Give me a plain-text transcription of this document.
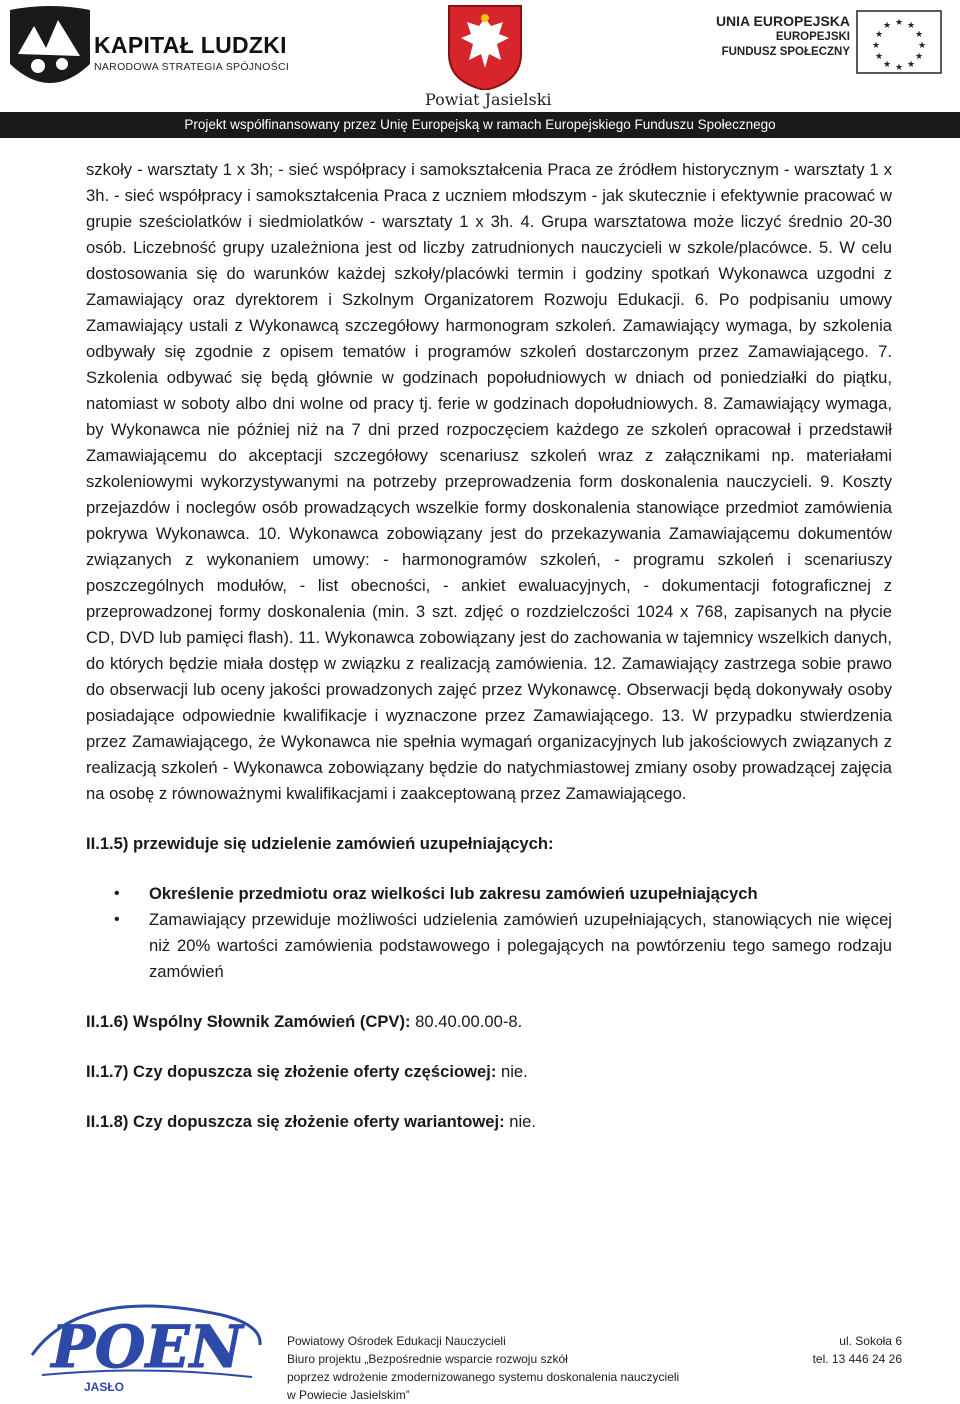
KAPITAŁ LUDZKI
NARODOWA STRATEGIA SPÓJNOŚCI
Powiat Jasielski
UNIA EUROPEJSKA
EUROPEJSKI
FUNDUSZ SPOŁECZNY
★ ★
★
★
★
★
★
★
★
★
★
★
Projekt współfinansowany przez Unię Europejską w ramach Europejskiego Funduszu Społecznego

szkoły - warsztaty 1 x 3h; - sieć współpracy i samokształcenia Praca ze źródłem historycznym - warsztaty 1 x 3h. - sieć współpracy i samokształcenia Praca z uczniem młodszym - jak skutecznie i efektywnie pracować w grupie sześciolatków i siedmiolatków - warsztaty 1 x 3h. 4. Grupa warsztatowa może liczyć średnio 20-30 osób. Liczebność grupy uzależniona jest od liczby zatrudnionych nauczycieli w szkole/placówce. 5. W celu dostosowania się do warunków każdej szkoły/placówki termin i godziny spotkań Wykonawca uzgodni z Zamawiający oraz dyrektorem i Szkolnym Organizatorem Rozwoju Edukacji. 6. Po podpisaniu umowy Zamawiający ustali z Wykonawcą szczegółowy harmonogram szkoleń. Zamawiający wymaga, by szkolenia odbywały się zgodnie z opisem tematów i programów szkoleń dostarczonym przez Zamawiającego. 7. Szkolenia odbywać się będą głównie w godzinach popołudniowych w dniach od poniedziałki do piątku, natomiast w soboty albo dni wolne od pracy tj. ferie w godzinach dopołudniowych. 8. Zamawiający wymaga, by Wykonawca nie później niż na 7 dni przed rozpoczęciem każdego ze szkoleń opracował i przedstawił Zamawiającemu do akceptacji szczegółowy scenariusz szkoleń wraz z załącznikami np. materiałami szkoleniowymi wykorzystywanymi na potrzeby przeprowadzenia form doskonalenia nauczycieli. 9. Koszty przejazdów i noclegów osób prowadzących wszelkie formy doskonalenia stanowiące przedmiot zamówienia pokrywa Wykonawca. 10. Wykonawca zobowiązany jest do przekazywania Zamawiającemu dokumentów związanych z wykonaniem umowy: - harmonogramów szkoleń, - programu szkoleń i scenariuszy poszczególnych modułów, - list obecności, - ankiet ewaluacyjnych, - dokumentacji fotograficznej z przeprowadzonej formy doskonalenia (min. 3 szt. zdjęć o rozdzielczości 1024 x 768, zapisanych na płycie CD, DVD lub pamięci flash). 11. Wykonawca zobowiązany jest do zachowania w tajemnicy wszelkich danych, do których będzie miała dostęp w związku z realizacją zamówienia. 12. Zamawiający zastrzega sobie prawo do obserwacji lub oceny jakości prowadzonych zajęć przez Wykonawcę. Obserwacji będą dokonywały osoby posiadające odpowiednie kwalifikacje i wyznaczone przez Zamawiającego. 13. W przypadku stwierdzenia przez Zamawiającego, że Wykonawca nie spełnia wymagań organizacyjnych lub jakościowych związanych z realizacją szkoleń - Wykonawca zobowiązany będzie do natychmiastowej zmiany osoby prowadzącej zajęcia na osobę z równoważnymi kwalifikacjami i zaakceptowaną przez Zamawiającego.

II.1.5) przewiduje się udzielenie zamówień uzupełniających:
• Określenie przedmiotu oraz wielkości lub zakresu zamówień uzupełniających
• Zamawiający przewiduje możliwości udzielenia zamówień uzupełniających, stanowiących nie więcej niż 20% wartości zamówienia podstawowego i polegających na powtórzeniu tego samego rodzaju zamówień
II.1.6) Wspólny Słownik Zamówień (CPV): 80.40.00.00-8.
II.1.7) Czy dopuszcza się złożenie oferty częściowej: nie.
II.1.8) Czy dopuszcza się złożenie oferty wariantowej: nie.
POEN
JASŁO
Powiatowy Ośrodek Edukacji Nauczycieli
Biuro projektu „Bezpośrednie wsparcie rozwoju szkół
poprzez wdrożenie zmodernizowanego systemu doskonalenia nauczycieli
w Powiecie Jasielskim”
ul. Sokoła 6
tel. 13 446 24 26
